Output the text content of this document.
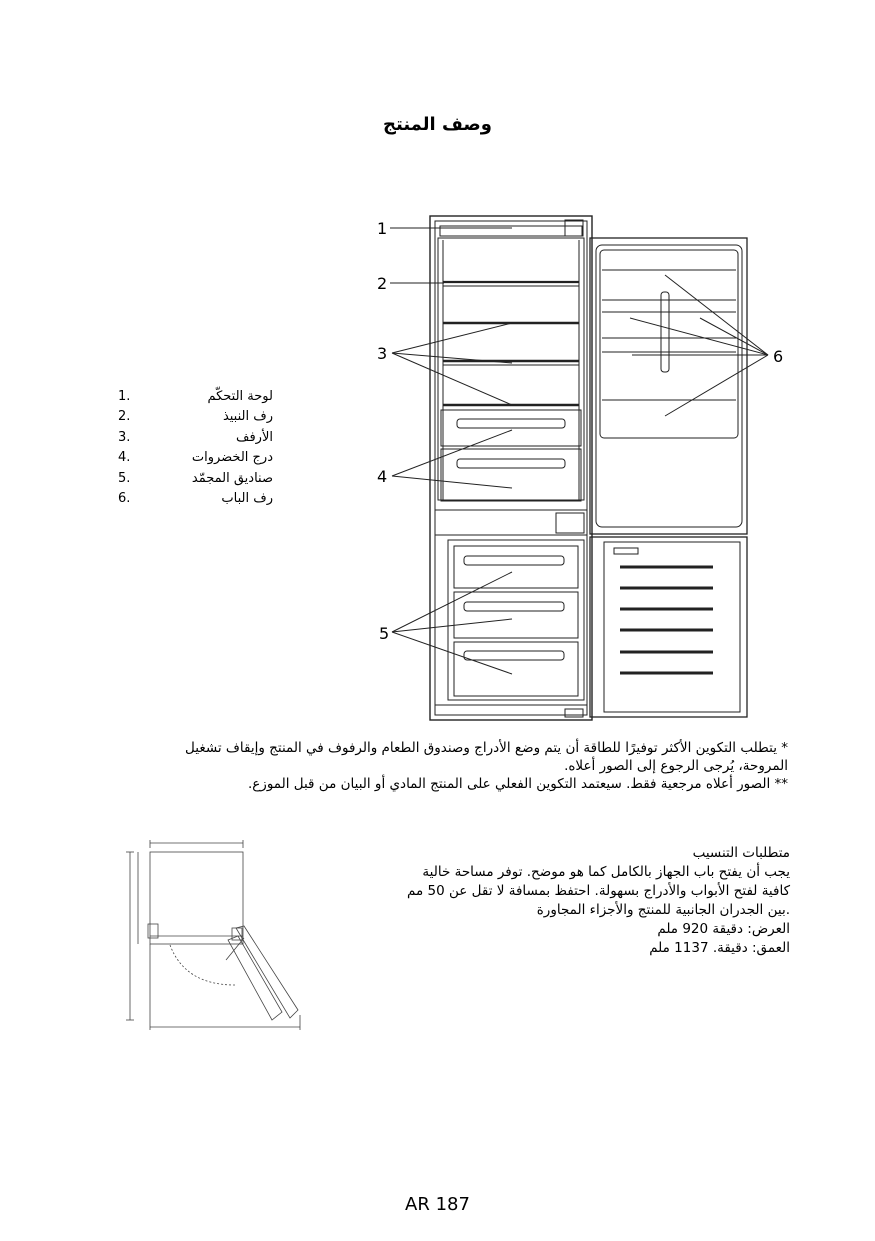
وصف المنتج
لوحة التحكّم
1.
رف النبيذ
2.
الأرفف
3.
درج الخضروات
4.
صناديق المجمّد
5.
رف الباب
6.
1
2
3
4
5
6

* يتطلب التكوين الأكثر توفيرًا للطاقة أن يتم وضع الأدراج وصندوق الطعام والرفوف في المنتج وإيقاف تشغيل

المروحة، يُرجى الرجوع إلى الصور أعلاه.

** الصور أعلاه مرجعية فقط. سيعتمد التكوين الفعلي على المنتج المادي أو البيان من قبل الموزع.

متطلبات التنسيب

يجب أن يفتح باب الجهاز بالكامل كما هو موضح. توفر مساحة خالية

كافية لفتح الأبواب والأدراج بسهولة. احتفظ بمسافة لا تقل عن 50 مم

.بين الجدران الجانبية للمنتج والأجزاء المجاورة

العرض: دقيقة 920 ملم

العمق: دقيقة. 1137 ملم

AR 187
